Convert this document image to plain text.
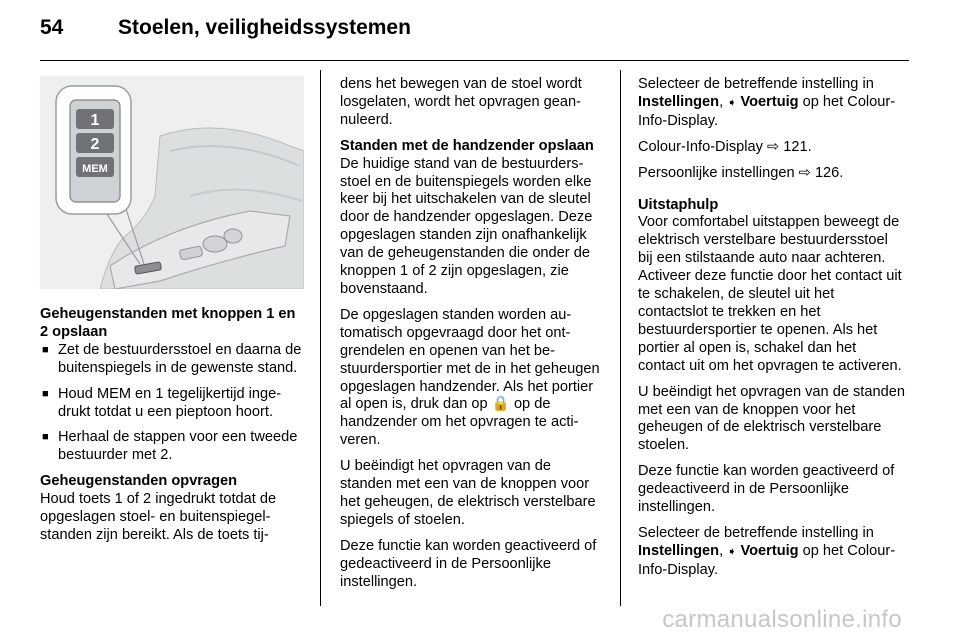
54	Stoelen, veiligheidssystemen
1
2
MEM
Geheugenstanden met knoppen 1 en 2 opslaan
■ Zet de bestuurdersstoel en daarna de buitenspiegels in de gewenste stand.
■ Houd MEM en 1 tegelijkertijd ingedrukt totdat u een pieptoon hoort.
■ Herhaal de stappen voor een tweede bestuurder met 2.
Geheugenstanden opvragen

Houd toets 1 of 2 ingedrukt totdat de opgeslagen stoel- en buitenspiegelstanden zijn bereikt. Als de toets tij-

dens het bewegen van de stoel wordt losgelaten, wordt het opvragen geannuleerd.

Standen met de handzender opslaan

De huidige stand van de bestuurdersstoel en de buitenspiegels worden elke keer bij het uitschakelen van de sleutel door de handzender opgeslagen. Deze opgeslagen standen zijn onafhankelijk van de geheugenstanden die onder de knoppen 1 of 2 zijn opgeslagen, zie bovenstaand.

De opgeslagen standen worden automatisch opgevraagd door het ontgrendelen en openen van het bestuurdersportier met de in het geheugen opgeslagen handzender. Als het portier al open is, druk dan op 🔒 op de handzender om het opvragen te activeren.

U beëindigt het opvragen van de standen met een van de knoppen voor het geheugen, de elektrisch verstelbare spiegels of stoelen.

Deze functie kan worden geactiveerd of gedeactiveerd in de Persoonlijke instellingen.

Selecteer de betreffende instelling in Instellingen, ➧ Voertuig op het Colour-Info-Display.

Colour-Info-Display ⇨ 121.

Persoonlijke instellingen ⇨ 126.

Uitstaphulp

Voor comfortabel uitstappen beweegt de elektrisch verstelbare bestuurdersstoel bij een stilstaande auto naar achteren. Activeer deze functie door het contact uit te schakelen, de sleutel uit het contactslot te trekken en het bestuurdersportier te openen. Als het portier al open is, schakel dan het contact uit om het opvragen te activeren.

U beëindigt het opvragen van de standen met een van de knoppen voor het geheugen of de elektrisch verstelbare stoelen.

Deze functie kan worden geactiveerd of gedeactiveerd in de Persoonlijke instellingen.

Selecteer de betreffende instelling in Instellingen, ➧ Voertuig op het Colour-Info-Display.

carmanualsonline.info
